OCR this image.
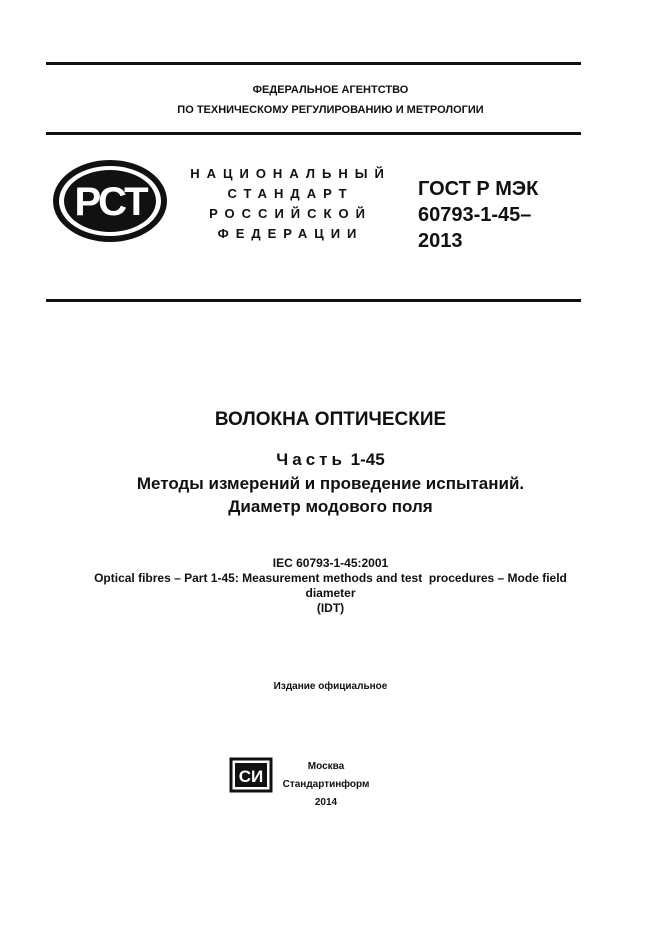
ФЕДЕРАЛЬНОЕ АГЕНТСТВО
ПО ТЕХНИЧЕСКОМУ РЕГУЛИРОВАНИЮ И МЕТРОЛОГИИ
PCT
НАЦИОНАЛЬНЫЙ
СТАНДАРТ
РОССИЙСКОЙ
ФЕДЕРАЦИИ
ГОСТ Р МЭК
60793-1-45–
2013
ВОЛОКНА ОПТИЧЕСКИЕ
Часть 1-45
Методы измерений и проведение испытаний.
Диаметр модового поля
IEC 60793-1-45:2001
Optical fibres – Part 1-45: Measurement methods and test  procedures – Mode field
diameter
(IDT)
Издание официальное
СИ
Москва
Стандартинформ
2014
